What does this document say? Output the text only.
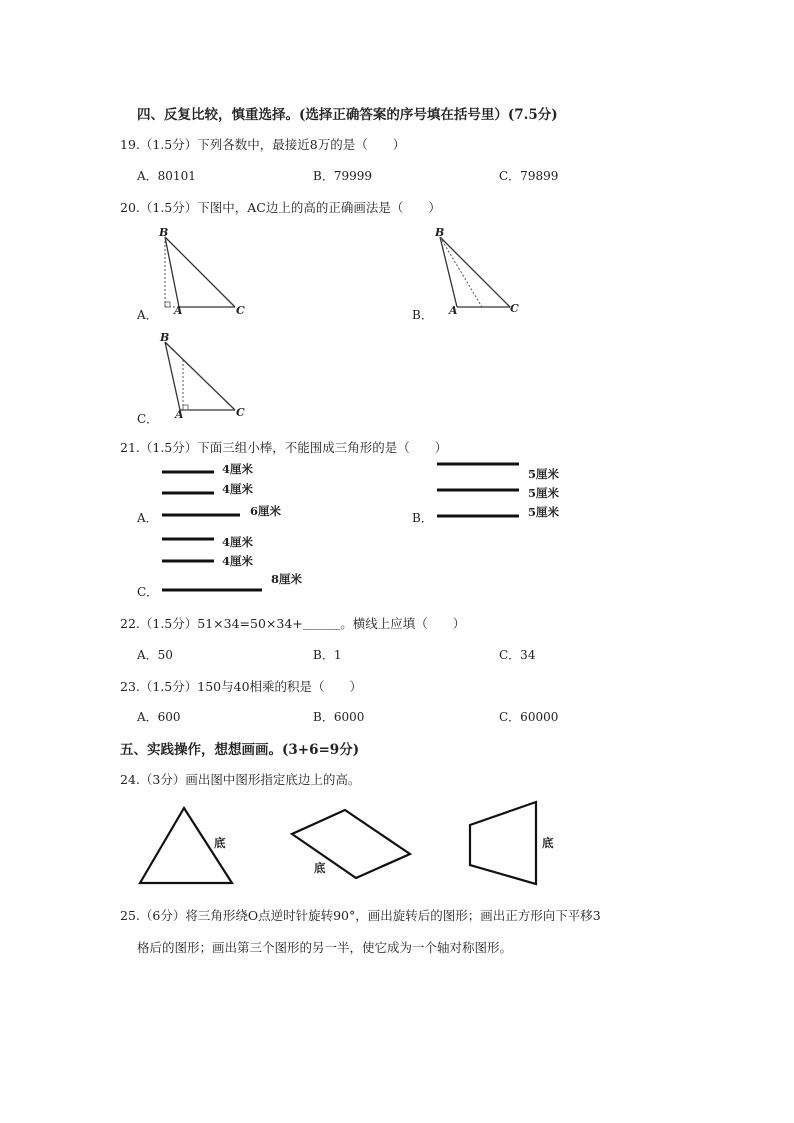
四、反复比较，慎重选择。(选择正确答案的序号填在括号里）(7.5分)
19.（1.5分）下列各数中，最接近8万的是（　　）
A．80101	B．79999	C．79899
20.（1.5分）下图中，AC边上的高的正确画法是（　　）
A．
B
A	C	B．
B
A	C
C．
B
A	C
21.（1.5分）下面三组小棒，不能围成三角形的是（　　）
A．
4厘米
4厘米
6厘米	B．
5厘米
5厘米
5厘米
C．
4厘米
4厘米
8厘米
22.（1.5分）51×34=50×34+＿＿＿。横线上应填（　　）
A．50	B．1	C．34
23.（1.5分）150与40相乘的积是（　　）
A．600	B．6000	C．60000
五、实践操作，想想画画。(3+6=9分)
24.（3分）画出图中图形指定底边上的高。
底
底
底
25.（6分）将三角形绕O点逆时针旋转90°，画出旋转后的图形；画出正方形向下平移3
格后的图形；画出第三个图形的另一半，使它成为一个轴对称图形。
